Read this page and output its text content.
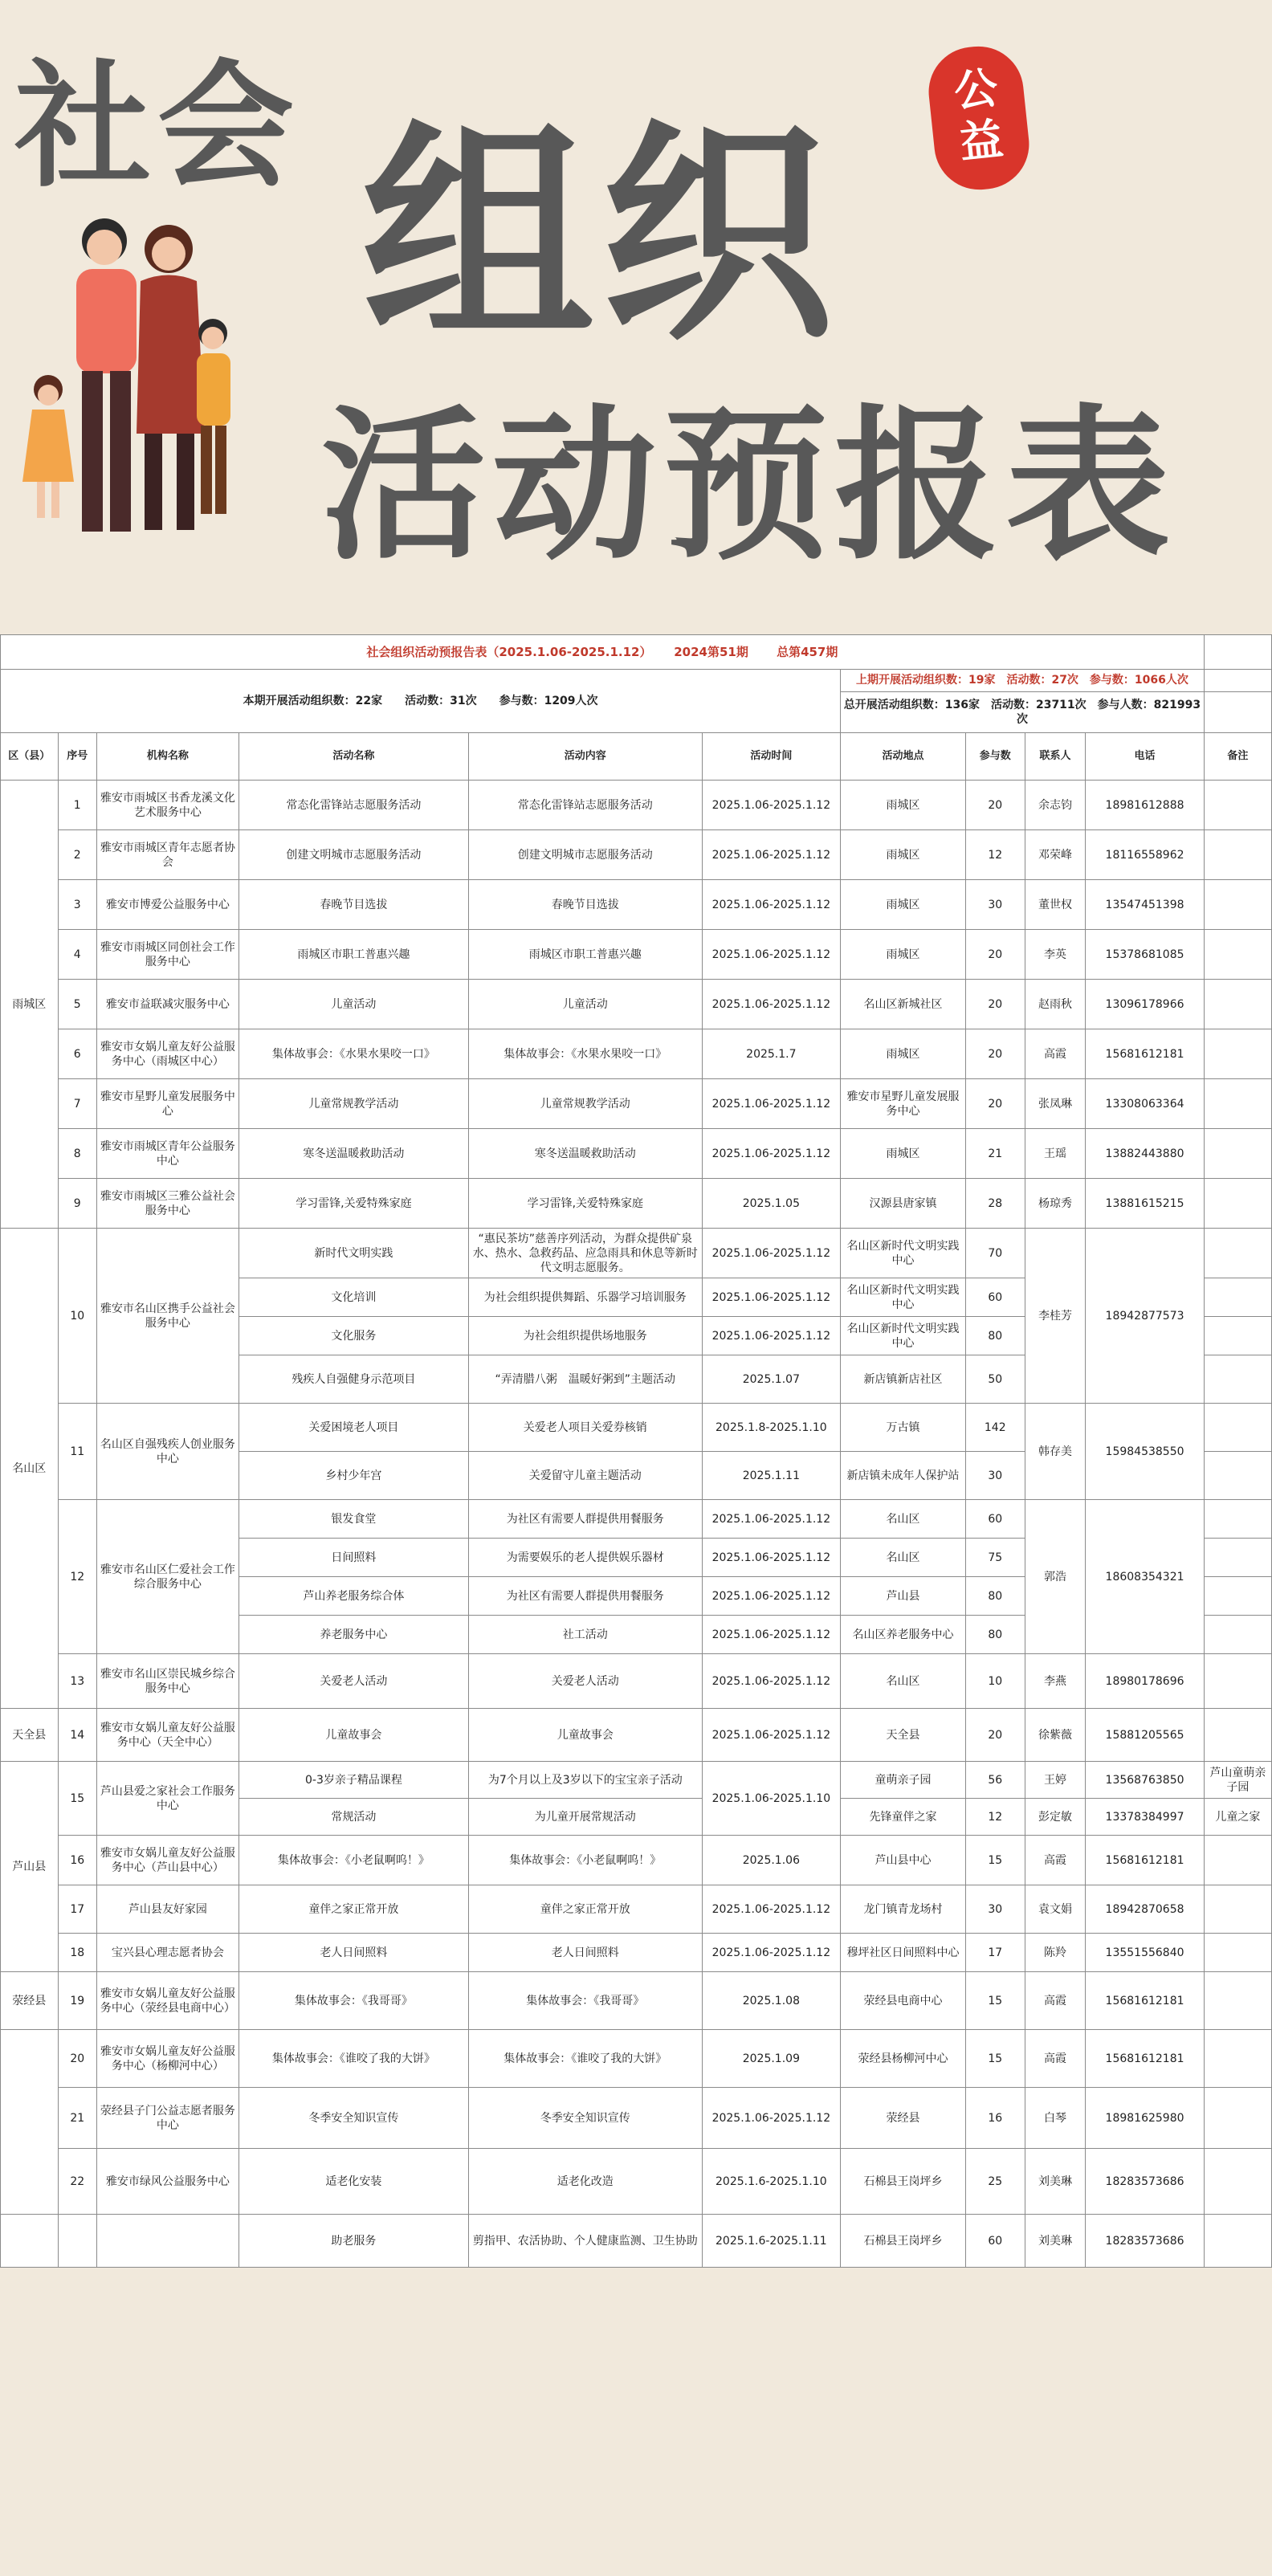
社会 组织
活动预报表
公
益
社会组织活动预报告表（2025.1.06-2025.1.12）　　 2024第51期　　 总第457期										
本期开展活动组织数：22家　　活动数：31次　　参与数：1209人次						上期开展活动组织数：19家　活动数：27次　参与数：1066人次				
						总开展活动组织数：136家　活动数：23711次　参与人数：821993次				
区（县）	序号	机构名称	活动名称	活动内容	活动时间	活动地点	参与数	联系人	电话	备注
雨城区	1	雅安市雨城区书香龙溪文化艺术服务中心	常态化雷锋站志愿服务活动	常态化雷锋站志愿服务活动	2025.1.06-2025.1.12	雨城区	20	余志钧	18981612888	
	2	雅安市雨城区青年志愿者协会	创建文明城市志愿服务活动	创建文明城市志愿服务活动	2025.1.06-2025.1.12	雨城区	12	邓荣峰	18116558962	
	3	雅安市博爱公益服务中心	春晚节目选拔	春晚节目选拔	2025.1.06-2025.1.12	雨城区	30	董世权	13547451398	
	4	雅安市雨城区同创社会工作服务中心	雨城区市职工普惠兴趣	雨城区市职工普惠兴趣	2025.1.06-2025.1.12	雨城区	20	李英	15378681085	
	5	雅安市益联减灾服务中心	儿童活动	儿童活动	2025.1.06-2025.1.12	名山区新城社区	20	赵雨秋	13096178966	
	6	雅安市女娲儿童友好公益服务中心（雨城区中心）	集体故事会：《水果水果咬一口》	集体故事会：《水果水果咬一口》	2025.1.7	雨城区	20	高霞	15681612181	
	7	雅安市星野儿童发展服务中心	儿童常规教学活动	儿童常规教学活动	2025.1.06-2025.1.12	雅安市星野儿童发展服务中心	20	张凤琳	13308063364	
	8	雅安市雨城区青年公益服务中心	寒冬送温暖救助活动	寒冬送温暖救助活动	2025.1.06-2025.1.12	雨城区	21	王瑶	13882443880	
	9	雅安市雨城区三雅公益社会服务中心	学习雷锋,关爱特殊家庭	学习雷锋,关爱特殊家庭	2025.1.05	汉源县唐家镇	28	杨琼秀	13881615215	
名山区	10	雅安市名山区携手公益社会服务中心	新时代文明实践	“惠民茶坊”慈善序列活动，为群众提供矿泉水、热水、急救药品、应急雨具和休息等新时代文明志愿服务。	2025.1.06-2025.1.12	名山区新时代文明实践中心	70	李桂芳	18942877573	
			文化培训	为社会组织提供舞蹈、乐器学习培训服务	2025.1.06-2025.1.12	名山区新时代文明实践中心	60			
			文化服务	为社会组织提供场地服务	2025.1.06-2025.1.12	名山区新时代文明实践中心	80			
			残疾人自强健身示范项目	“弄清腊八粥　温暖好粥到”主题活动	2025.1.07	新店镇新店社区	50			
	11	名山区自强残疾人创业服务中心	关爱困境老人项目	关爱老人项目关爱券核销	2025.1.8-2025.1.10	万古镇	142	韩存美	15984538550	
			乡村少年宫	关爱留守儿童主题活动	2025.1.11	新店镇未成年人保护站	30			
	12	雅安市名山区仁爱社会工作综合服务中心	银发食堂	为社区有需要人群提供用餐服务	2025.1.06-2025.1.12	名山区	60	郭浩	18608354321	
			日间照料	为需要娱乐的老人提供娱乐器材	2025.1.06-2025.1.12	名山区	75			
			芦山养老服务综合体	为社区有需要人群提供用餐服务	2025.1.06-2025.1.12	芦山县	80			
			养老服务中心	社工活动	2025.1.06-2025.1.12	名山区养老服务中心	80			
	13	雅安市名山区崇民城乡综合服务中心	关爱老人活动	关爱老人活动	2025.1.06-2025.1.12	名山区	10	李燕	18980178696	
天全县	14	雅安市女娲儿童友好公益服务中心（天全中心）	儿童故事会	儿童故事会	2025.1.06-2025.1.12	天全县	20	徐紫薇	15881205565	
芦山县	15	芦山县爱之家社会工作服务中心	0-3岁亲子精品课程	为7个月以上及3岁以下的宝宝亲子活动	2025.1.06-2025.1.10	童萌亲子园	56	王婷	13568763850	芦山童萌亲子园
			常规活动	为儿童开展常规活动		先锋童伴之家	12	彭定敏	13378384997	儿童之家
	16	雅安市女娲儿童友好公益服务中心（芦山县中心）	集体故事会：《小老鼠啊呜！》	集体故事会：《小老鼠啊呜！》	2025.1.06	芦山县中心	15	高霞	15681612181	
	17	芦山县友好家园	童伴之家正常开放	童伴之家正常开放	2025.1.06-2025.1.12	龙门镇青龙场村	30	袁文娟	18942870658	
	18	宝兴县心理志愿者协会	老人日间照料	老人日间照料	2025.1.06-2025.1.12	穆坪社区日间照料中心	17	陈羚	13551556840	
荥经县	19	雅安市女娲儿童友好公益服务中心（荥经县电商中心）	集体故事会：《我哥哥》	集体故事会：《我哥哥》	2025.1.08	荥经县电商中心	15	高霞	15681612181	
	20	雅安市女娲儿童友好公益服务中心（杨柳河中心）	集体故事会：《谁咬了我的大饼》	集体故事会：《谁咬了我的大饼》	2025.1.09	荥经县杨柳河中心	15	高霞	15681612181	
	21	荥经县子门公益志愿者服务中心	冬季安全知识宣传	冬季安全知识宣传	2025.1.06-2025.1.12	荥经县	16	白琴	18981625980	
	22	雅安市绿风公益服务中心	适老化安装	适老化改造	2025.1.6-2025.1.10	石棉县王岗坪乡	25	刘美琳	18283573686	
			助老服务	剪指甲、农活协助、个人健康监测、卫生协助	2025.1.6-2025.1.11	石棉县王岗坪乡	60	刘美琳	18283573686	
